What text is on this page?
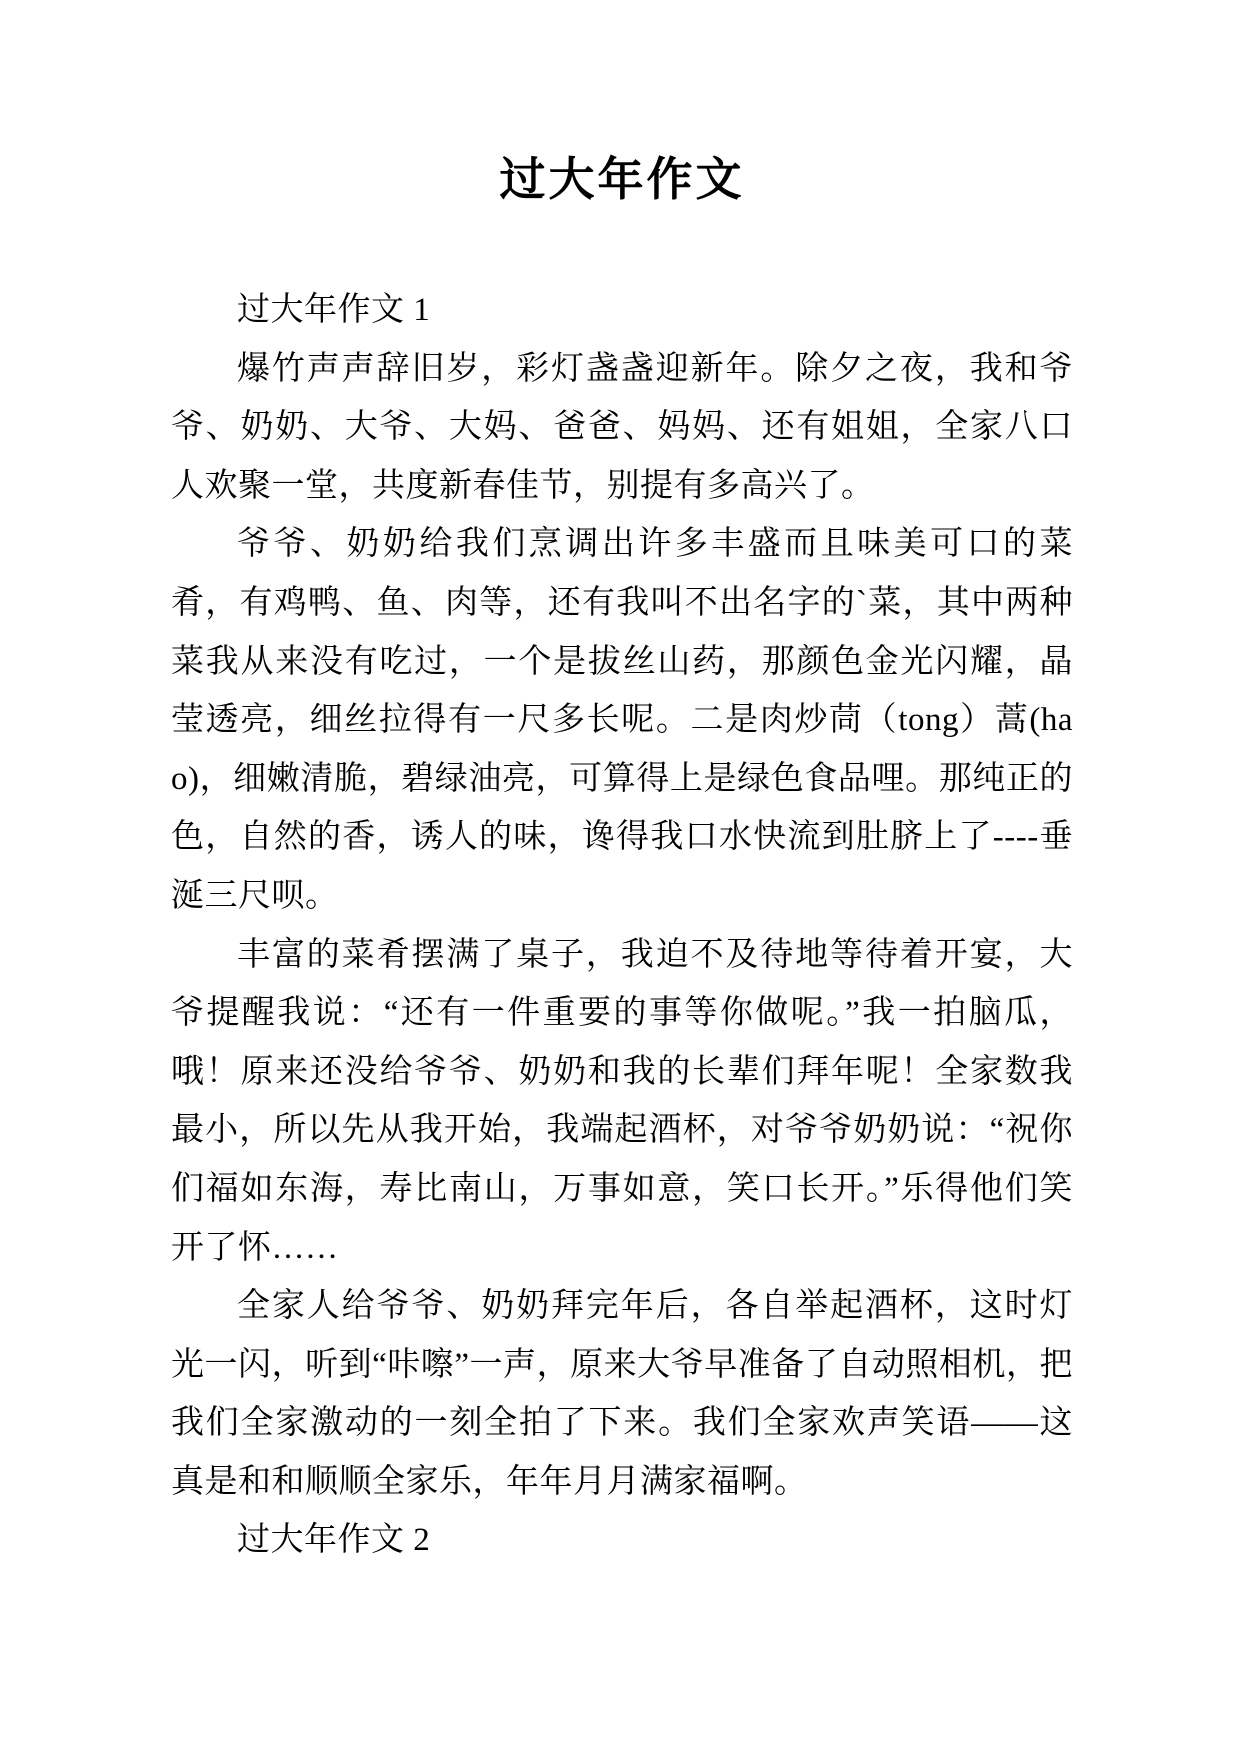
过大年作文

过大年作文 1

爆竹声声辞旧岁，彩灯盏盏迎新年。除夕之夜，我和爷爷、奶奶、大爷、大妈、爸爸、妈妈、还有姐姐，全家八口人欢聚一堂，共度新春佳节，别提有多高兴了。

爷爷、奶奶给我们烹调出许多丰盛而且味美可口的菜肴，有鸡鸭、鱼、肉等，还有我叫不出名字的`菜，其中两种菜我从来没有吃过，一个是拔丝山药，那颜色金光闪耀，晶莹透亮，细丝拉得有一尺多长呢。二是肉炒茼（tong）蒿(hao)，细嫩清脆，碧绿油亮，可算得上是绿色食品哩。那纯正的色，自然的香，诱人的味，谗得我口水快流到肚脐上了----垂涎三尺呗。

丰富的菜肴摆满了桌子，我迫不及待地等待着开宴，大爷提醒我说：“还有一件重要的事等你做呢。”我一拍脑瓜，哦！原来还没给爷爷、奶奶和我的长辈们拜年呢！全家数我最小，所以先从我开始，我端起酒杯，对爷爷奶奶说：“祝你们福如东海，寿比南山，万事如意，笑口长开。”乐得他们笑开了怀……

全家人给爷爷、奶奶拜完年后，各自举起酒杯，这时灯光一闪，听到“咔嚓”一声，原来大爷早准备了自动照相机，把我们全家激动的一刻全拍了下来。我们全家欢声笑语——这真是和和顺顺全家乐，年年月月满家福啊。

过大年作文 2
